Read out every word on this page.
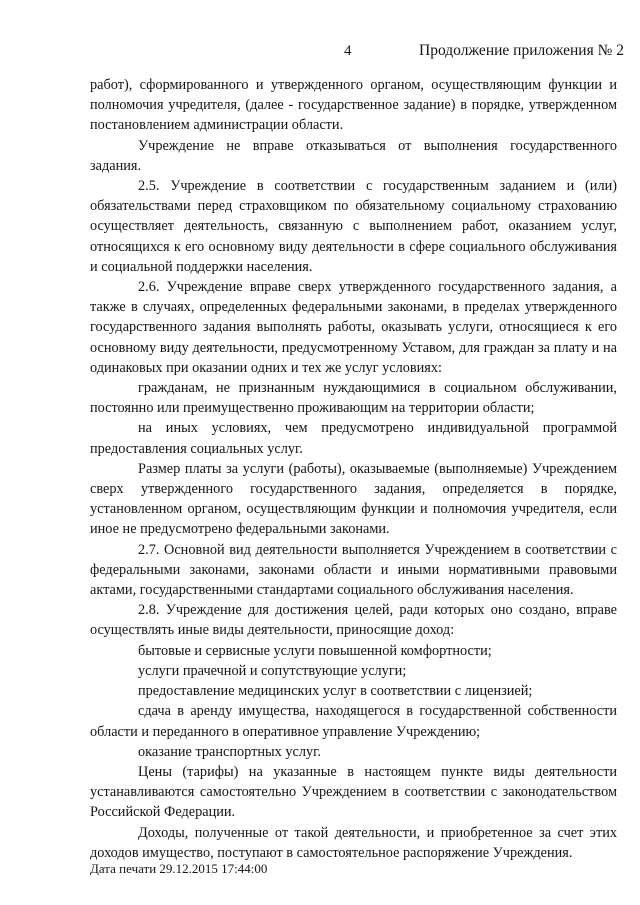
4	Продолжение приложения № 2

работ), сформированного и утвержденного органом, осуществляющим функции и полномочия учредителя, (далее - государственное задание) в порядке, утвержденном постановлением администрации области.

Учреждение не вправе отказываться от выполнения государственного задания.

2.5. Учреждение в соответствии с государственным заданием и (или) обязательствами перед страховщиком по обязательному социальному страхованию осуществляет деятельность, связанную с выполнением работ, оказанием услуг, относящихся к его основному виду деятельности в сфере социального обслуживания и социальной поддержки населения.

2.6. Учреждение вправе сверх утвержденного государственного задания, а также в случаях, определенных федеральными законами, в пределах утвержденного государственного задания выполнять работы, оказывать услуги, относящиеся к его основному виду деятельности, предусмотренному Уставом, для граждан за плату и на одинаковых при оказании одних и тех же услуг условиях:

гражданам, не признанным нуждающимися в социальном обслуживании, постоянно или преимущественно проживающим на территории области;

на иных условиях, чем предусмотрено индивидуальной программой предоставления социальных услуг.

Размер платы за услуги (работы), оказываемые (выполняемые) Учреждением сверх утвержденного государственного задания, определяется в порядке, установленном органом, осуществляющим функции и полномочия учредителя, если иное не предусмотрено федеральными законами.

2.7. Основной вид деятельности выполняется Учреждением в соответствии с федеральными законами, законами области и иными нормативными правовыми актами, государственными стандартами социального обслуживания населения.

2.8. Учреждение для достижения целей, ради которых оно создано, вправе осуществлять иные виды деятельности, приносящие доход:

бытовые и сервисные услуги повышенной комфортности;

услуги прачечной и сопутствующие услуги;

предоставление медицинских услуг в соответствии с лицензией;

сдача в аренду имущества, находящегося в государственной собственности области и переданного в оперативное управление Учреждению;

оказание транспортных услуг.

Цены (тарифы) на указанные в настоящем пункте виды деятельности устанавливаются самостоятельно Учреждением в соответствии с законодательством Российской Федерации.

Доходы, полученные от такой деятельности, и приобретенное за счет этих доходов имущество, поступают в самостоятельное распоряжение Учреждения.

Дата печати 29.12.2015 17:44:00
